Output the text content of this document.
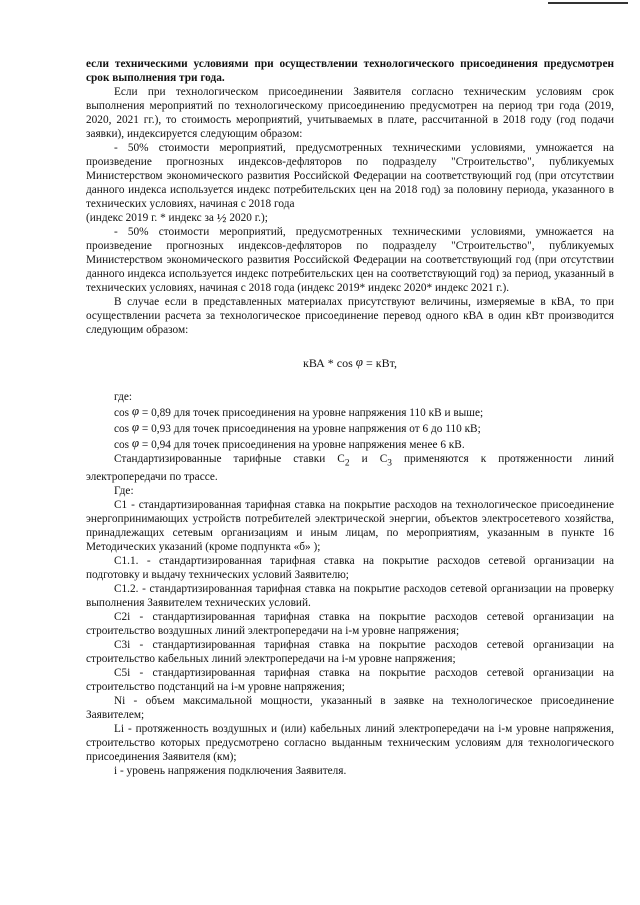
если техническими условиями при осуществлении технологического присоединения предусмотрен срок выполнения три года.

Если при технологическом присоединении Заявителя согласно техническим условиям срок выполнения мероприятий по технологическому присоединению предусмотрен на период три года (2019, 2020, 2021 гг.), то стоимость мероприятий, учитываемых в плате, рассчитанной в 2018 году (год подачи заявки), индексируется следующим образом:

- 50% стоимости мероприятий, предусмотренных техническими условиями, умножается на произведение прогнозных индексов-дефляторов по подразделу "Строительство", публикуемых Министерством экономического развития Российской Федерации на соответствующий год (при отсутствии данного индекса используется индекс потребительских цен на 2018 год) за половину периода, указанного в технических условиях, начиная с 2018 года

(индекс 2019 г. * индекс за ½ 2020 г.);

- 50% стоимости мероприятий, предусмотренных техническими условиями, умножается на произведение прогнозных индексов-дефляторов по подразделу "Строительство", публикуемых Министерством экономического развития Российской Федерации на соответствующий год (при отсутствии данного индекса используется индекс потребительских цен на соответствующий год) за период, указанный в технических условиях, начиная с 2018 года (индекс 2019* индекс 2020* индекс 2021 г.).

В случае если в представленных материалах присутствуют величины, измеряемые в кВА, то при осуществлении расчета за технологическое присоединение перевод одного кВА в один кВт производится следующим образом:

кВА * cos φ = кВт,

где:

cos φ = 0,89 для точек присоединения на уровне напряжения 110 кВ и выше;

cos φ = 0,93 для точек присоединения на уровне напряжения от 6 до 110 кВ;

cos φ = 0,94 для точек присоединения на уровне напряжения менее 6 кВ.

Стандартизированные тарифные ставки $С_2$ и $С_3$ применяются к протяженности линий электропередачи по трассе.

Где:

С1 - стандартизированная тарифная ставка на покрытие расходов на технологическое присоединение энергопринимающих устройств потребителей электрической энергии, объектов электросетевого хозяйства, принадлежащих сетевым организациям и иным лицам, по мероприятиям, указанным в пункте 16 Методических указаний (кроме подпункта «б» );

С1.1. - стандартизированная тарифная ставка на покрытие расходов сетевой организации на подготовку и выдачу технических условий Заявителю;

С1.2. - стандартизированная тарифная ставка на покрытие расходов сетевой организации на проверку выполнения Заявителем технических условий.

С2i - стандартизированная тарифная ставка на покрытие расходов сетевой организации на строительство воздушных линий электропередачи на i-м уровне напряжения;

С3i - стандартизированная тарифная ставка на покрытие расходов сетевой организации на строительство кабельных линий электропередачи на i-м уровне напряжения;

С5i - стандартизированная тарифная ставка на покрытие расходов сетевой организации на строительство подстанций на i-м уровне напряжения;

Ni - объем максимальной мощности, указанный в заявке на технологическое присоединение Заявителем;

Li - протяженность воздушных и (или) кабельных линий электропередачи на i-м уровне напряжения, строительство которых предусмотрено согласно выданным техническим условиям для технологического присоединения Заявителя (км);

i - уровень напряжения подключения Заявителя.
